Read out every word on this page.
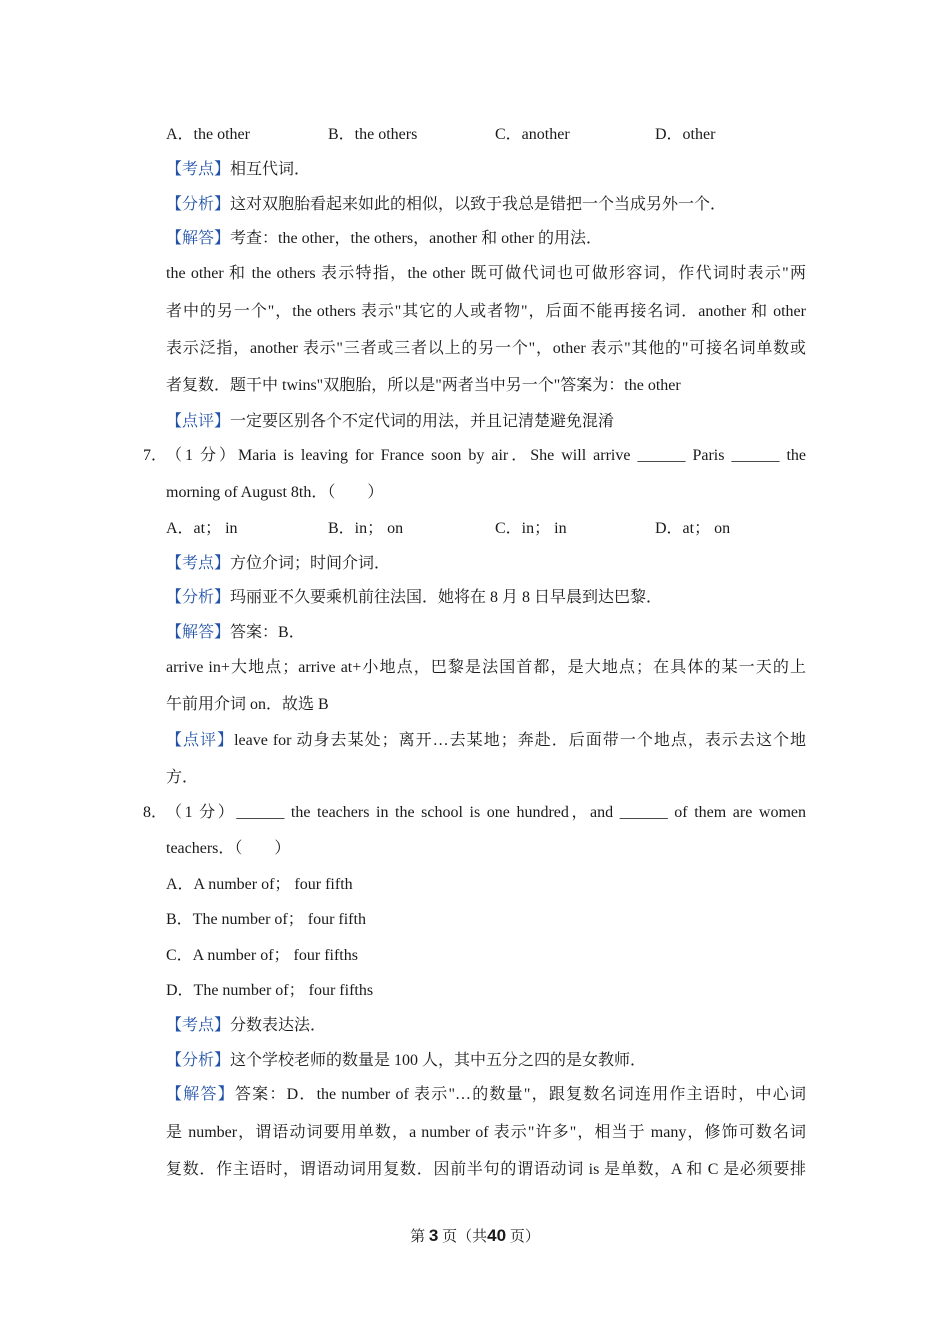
A．the other	B．the others	C．another	D．other
【考点】相互代词．
【分析】这对双胞胎看起来如此的相似，以致于我总是错把一个当成另外一个．
【解答】考查：the other，the others，another 和 other 的用法．
the other 和 the others 表示特指，the other 既可做代词也可做形容词，作代词时表示"两
者中的另一个"，the others 表示"其它的人或者物"，后面不能再接名词．another 和 other
表示泛指，another 表示"三者或三者以上的另一个"，other 表示"其他的"可接名词单数或
者复数．题干中 twins"双胞胎，所以是"两者当中另一个"答案为：the other
【点评】一定要区别各个不定代词的用法，并且记清楚避免混淆
7．
（1 分）Maria is leaving for France soon by air．She will arrive ______ Paris ______ the
morning of August 8th．（　　）
A．at； in	B．in； on	C．in； in	D．at； on
【考点】方位介词；时间介词．
【分析】玛丽亚不久要乘机前往法国．她将在 8 月 8 日早晨到达巴黎．
【解答】答案：B．
arrive in+大地点；arrive at+小地点，巴黎是法国首都，是大地点；在具体的某一天的上
午前用介词 on．故选 B
【点评】leave for 动身去某处；离开…去某地；奔赴．后面带一个地点，表示去这个地
方．
8．
（1 分）______ the teachers in the school is one hundred，and ______ of them are women
teachers．（　　）
A．A number of； four fifth
B．The number of； four fifth
C．A number of； four fifths
D．The number of； four fifths
【考点】分数表达法．
【分析】这个学校老师的数量是 100 人，其中五分之四的是女教师．
【解答】答案：D．the number of 表示"…的数量"，跟复数名词连用作主语时，中心词
是 number，谓语动词要用单数，a number of 表示"许多"，相当于 many，修饰可数名词
复数．作主语时，谓语动词用复数．因前半句的谓语动词 is 是单数，A 和 C 是必须要排
第 3 页（共40 页）
